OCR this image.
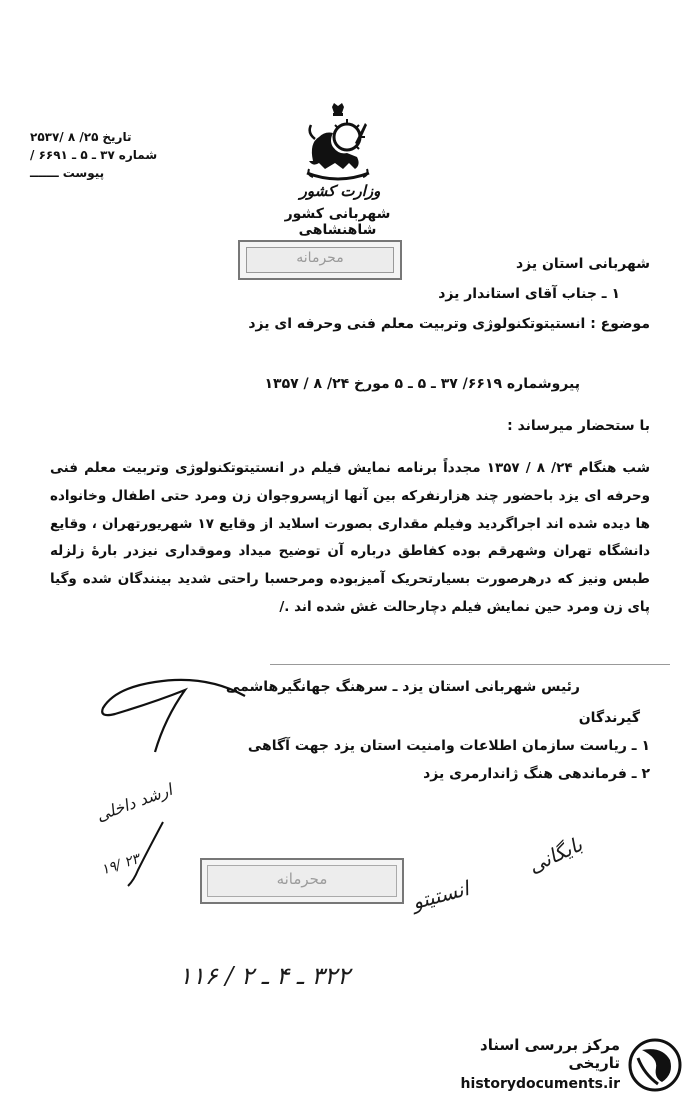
تاریخ
۲۵/ ۸ /۲۵۳۷
شماره
۳۷ ـ ۵ ـ ۶۶۹۱ /
پیوست
ـــــــ
وزارت کشور
شهربانی کشور شاهنشاهی
محرمانه	شهربانی استان یزد
۱ ـ جناب آقای استاندار یزد
موضوع : انستیتوتکنولوژی وتربیت معلم فنی وحرفه ای یزد
پیروشماره ۶۶۱۹/ ۳۷ ـ ۵ ـ ۵ مورخ ۲۴/ ۸ / ۱۳۵۷
با ستحضار میرساند :
شب هنگام ۲۴/ ۸ / ۱۳۵۷ مجدداً برنامه نمایش فیلم در انستیتوتکنولوژی وتربیت معلم فنی وحرفه ای یزد باحضور چند هزارنفرکه بین آنها ازپسروجوان زن ومرد حتی اطفال وخانواده ها دیده شده اند اجراگردید وفیلم مقداری بصورت اسلاید از وقایع ۱۷ شهریورتهران ، وقایع دانشگاه تهران وشهرقم بوده کفاطق درباره آن توضیح میداد وموقداری نیزدر بارۀ زلزله طبس ونیز که درهرصورت بسیارتحریک آمیزبوده ومرحسبا راحتی شدید بینندگان شده وگیا پای زن ومرد حین نمایش فیلم دچارحالت غش شده اند ./
رئیس شهربانی استان یزد ـ سرهنگ جهانگیرهاشمی
گیرندگان
۱ ـ ریاست سازمان اطلاعات وامنیت استان یزد جهت آگاهی
۲ ـ فرماندهی هنگ ژاندارمری یزد
ارشد داخلی
۱۹/ ۲۳
محرمانه	انستیتو
بایگانی
۳۲۲ ـ ۴ ـ ۲ / ۱۱۶
مرکز بررسی اسناد تاریخی
historydocuments.ir
